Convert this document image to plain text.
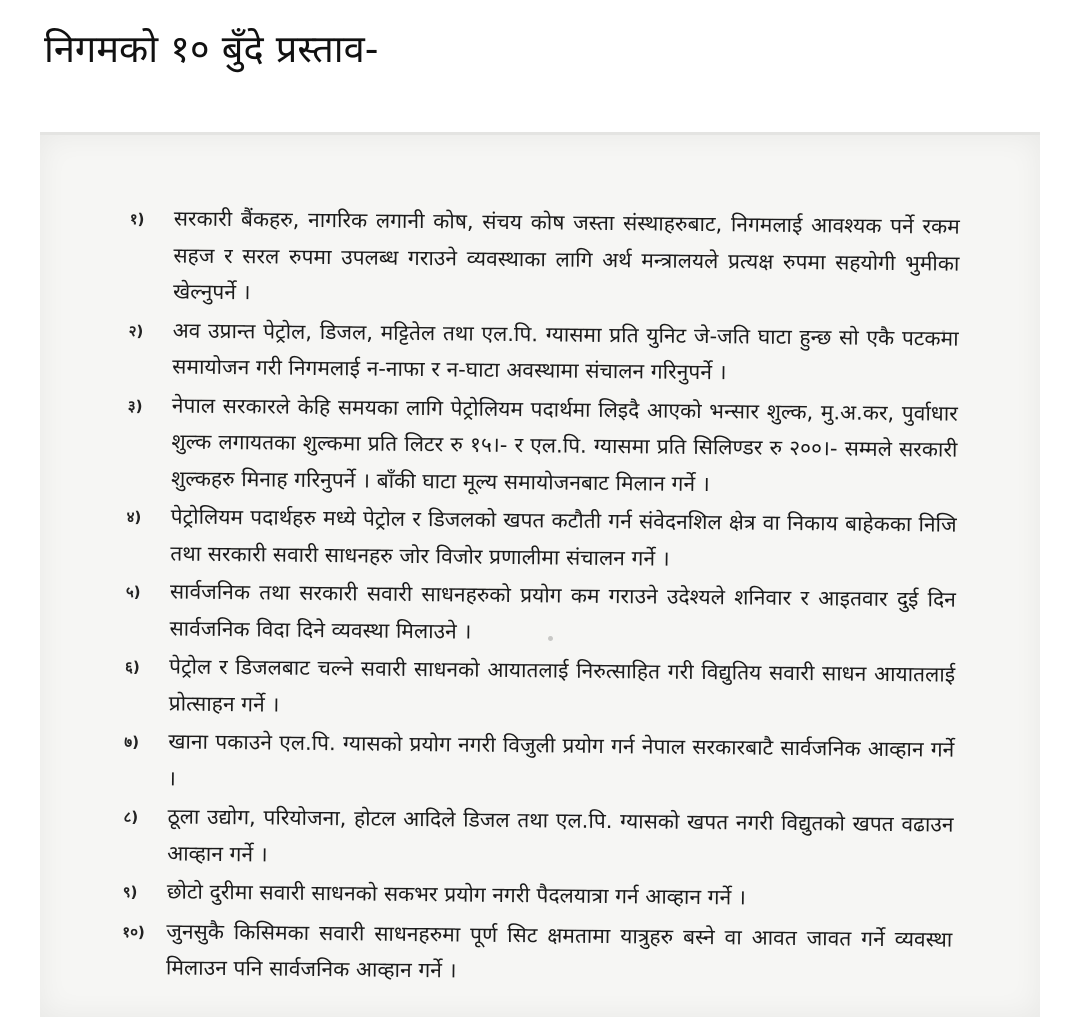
निगमको १० बुँदे प्रस्ताव-
१)	सरकारी बैंकहरु, नागरिक लगानी कोष, संचय कोष जस्ता संस्थाहरुबाट, निगमलाई आवश्यक पर्ने रकम सहज र सरल रुपमा उपलब्ध गराउने व्यवस्थाका लागि अर्थ मन्त्रालयले प्रत्यक्ष रुपमा सहयोगी भुमीका खेल्नुपर्ने ।
२)	अव उप्रान्त पेट्रोल, डिजल, मट्टितेल तथा एल.पि. ग्यासमा प्रति युनिट जे-जति घाटा हुन्छ सो एकै पटकमा समायोजन गरी निगमलाई न-नाफा र न-घाटा अवस्थामा संचालन गरिनुपर्ने ।
३)	नेपाल सरकारले केहि समयका लागि पेट्रोलियम पदार्थमा लिइदै आएको भन्सार शुल्क, मु.अ.कर, पुर्वाधार शुल्क लगायतका शुल्कमा प्रति लिटर रु १५।- र एल.पि. ग्यासमा प्रति सिलिण्डर रु २००।- सम्मले सरकारी शुल्कहरु मिनाह गरिनुपर्ने । बाँकी घाटा मूल्य समायोजनबाट मिलान गर्ने ।
४)	पेट्रोलियम पदार्थहरु मध्ये पेट्रोल र डिजलको खपत कटौती गर्न संवेदनशिल क्षेत्र वा निकाय बाहेकका निजि तथा सरकारी सवारी साधनहरु जोर विजोर प्रणालीमा संचालन गर्ने ।
५)	सार्वजनिक तथा सरकारी सवारी साधनहरुको प्रयोग कम गराउने उदेश्यले शनिवार र आइतवार दुई दिन सार्वजनिक विदा दिने व्यवस्था मिलाउने ।
६)	पेट्रोल र डिजलबाट चल्ने सवारी साधनको आयातलाई निरुत्साहित गरी विद्युतिय सवारी साधन आयातलाई प्रोत्साहन गर्ने ।
७)	खाना पकाउने एल.पि. ग्यासको प्रयोग नगरी विजुली प्रयोग गर्न नेपाल सरकारबाटै सार्वजनिक आव्हान गर्ने ।
८)	ठूला उद्योग, परियोजना, होटल आदिले डिजल तथा एल.पि. ग्यासको खपत नगरी विद्युतको खपत वढाउन आव्हान गर्ने ।
९)	छोटो दुरीमा सवारी साधनको सकभर प्रयोग नगरी पैदलयात्रा गर्न आव्हान गर्ने ।
१०)	जुनसुकै किसिमका सवारी साधनहरुमा पूर्ण सिट क्षमतामा यात्रुहरु बस्ने वा आवत जावत गर्ने व्यवस्था मिलाउन पनि सार्वजनिक आव्हान गर्ने ।
